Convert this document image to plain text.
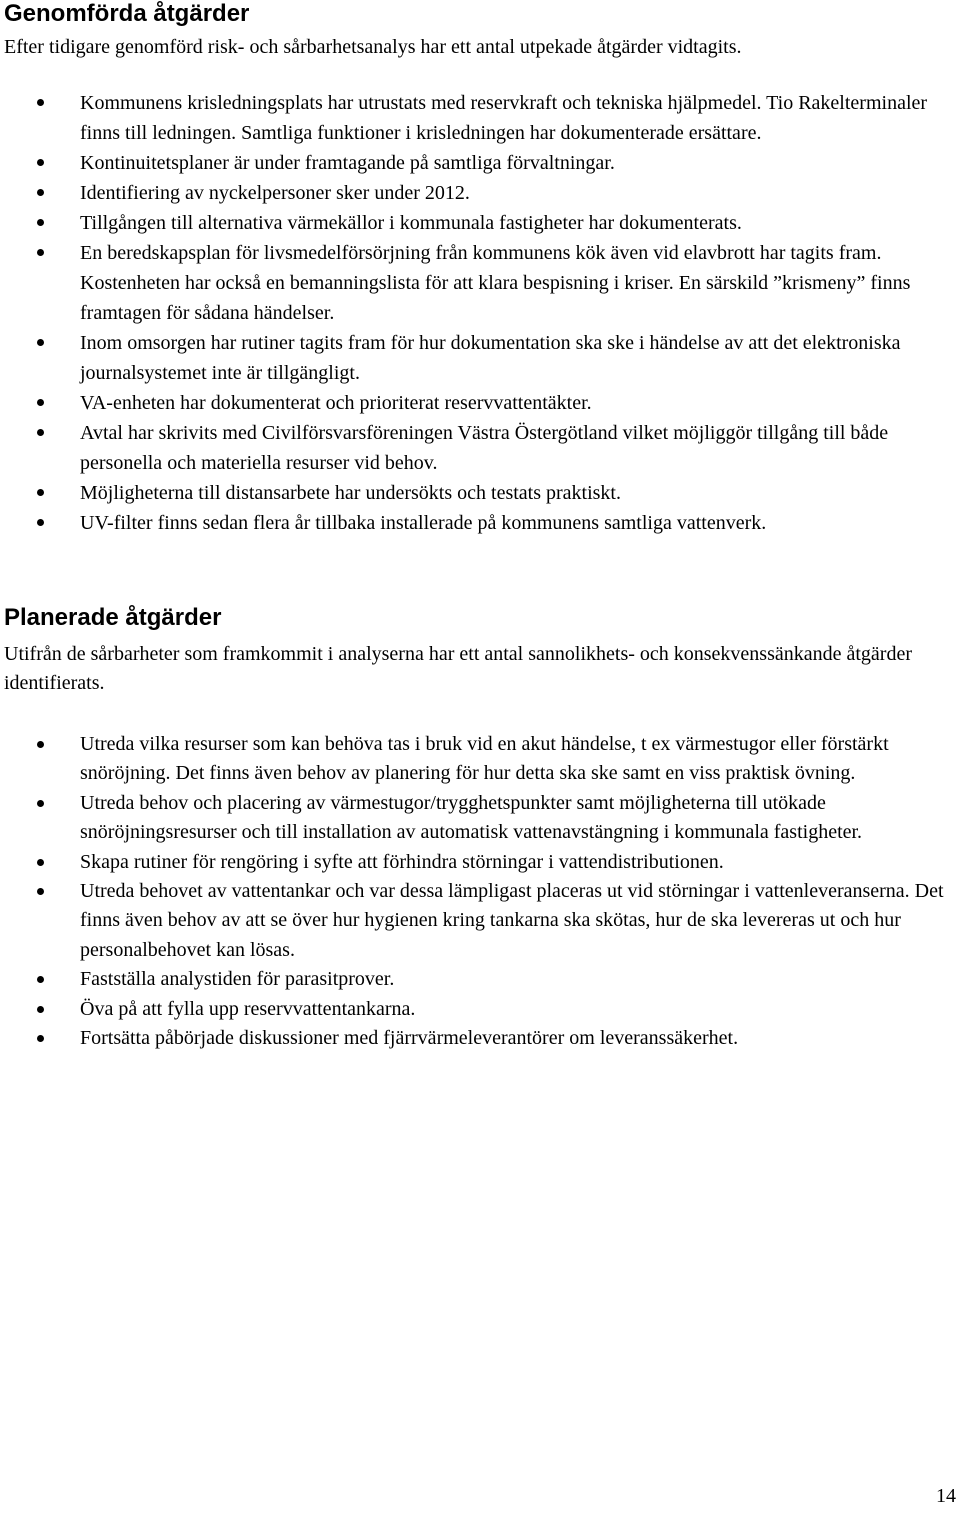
Genomförda åtgärder

Efter tidigare genomförd risk- och sårbarhetsanalys har ett antal utpekade åtgärder vidtagits.

Kommunens krisledningsplats har utrustats med reservkraft och tekniska hjälpmedel. Tio Rakelterminaler finns till ledningen. Samtliga funktioner i krisledningen har dokumenterade ersättare.
Kontinuitetsplaner är under framtagande på samtliga förvaltningar.
Identifiering av nyckelpersoner sker under 2012.
Tillgången till alternativa värmekällor i kommunala fastigheter har dokumenterats.
En beredskapsplan för livsmedelförsörjning från kommunens kök även vid elavbrott har tagits fram. Kostenheten har också en bemanningslista för att klara bespisning i kriser. En särskild ”krismeny” finns framtagen för sådana händelser.
Inom omsorgen har rutiner tagits fram för hur dokumentation ska ske i händelse av att det elektroniska journalsystemet inte är tillgängligt.
VA-enheten har dokumenterat och prioriterat reservvattentäkter.
Avtal har skrivits med Civilförsvarsföreningen Västra Östergötland vilket möjliggör tillgång till både personella och materiella resurser vid behov.
Möjligheterna till distansarbete har undersökts och testats praktiskt.
UV-filter finns sedan flera år tillbaka installerade på kommunens samtliga vattenverk.
Planerade åtgärder

Utifrån de sårbarheter som framkommit i analyserna har ett antal sannolikhets- och konsekvenssänkande åtgärder identifierats.

Utreda vilka resurser som kan behöva tas i bruk vid en akut händelse, t ex värmestugor eller förstärkt snöröjning. Det finns även behov av planering för hur detta ska ske samt en viss praktisk övning.
Utreda behov och placering av värmestugor/trygghetspunkter samt möjligheterna till utökade snöröjningsresurser och till installation av automatisk vattenavstängning i kommunala fastigheter.
Skapa rutiner för rengöring i syfte att förhindra störningar i vattendistributionen.
Utreda behovet av vattentankar och var dessa lämpligast placeras ut vid störningar i vattenleveranserna. Det finns även behov av att se över hur hygienen kring tankarna ska skötas, hur de ska levereras ut och hur personalbehovet kan lösas.
Fastställa analystiden för parasitprover.
Öva på att fylla upp reservvattentankarna.
Fortsätta påbörjade diskussioner med fjärrvärmeleverantörer om leveranssäkerhet.
14
